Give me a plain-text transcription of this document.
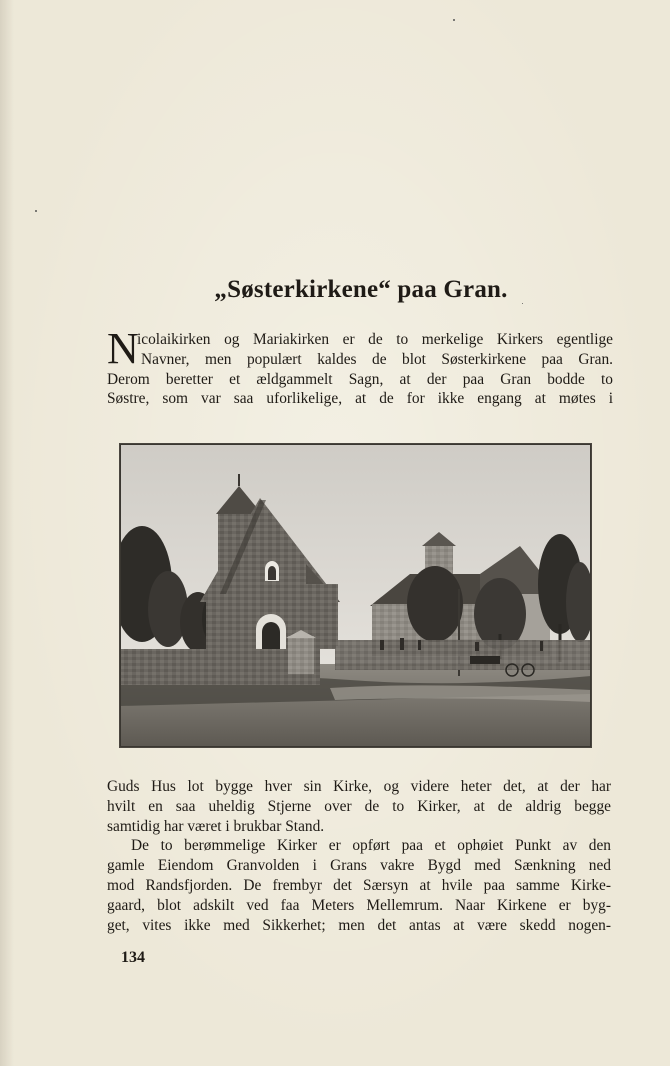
„Søsterkirkene“ paa Gran.
N
icolaikirken og Mariakirken er de to merkelige Kirkers egentlige
Navner, men populært kaldes de blot Søsterkirkene paa Gran.
Derom beretter et ældgammelt Sagn, at der paa Gran bodde to
Søstre, som var saa uforlikelige, at de for ikke engang at møtes i
Guds Hus lot bygge hver sin Kirke, og videre heter det, at der har
hvilt en saa uheldig Stjerne over de to Kirker, at de aldrig begge
samtidig har været i brukbar Stand.
De to berømmelige Kirker er opført paa et ophøiet Punkt av den
gamle Eiendom Granvolden i Grans vakre Bygd med Sænkning ned
mod Randsfjorden. De frembyr det Særsyn at hvile paa samme Kirke-
gaard, blot adskilt ved faa Meters Mellemrum. Naar Kirkene er byg-
get, vites ikke med Sikkerhet; men det antas at være skedd nogen-
134
